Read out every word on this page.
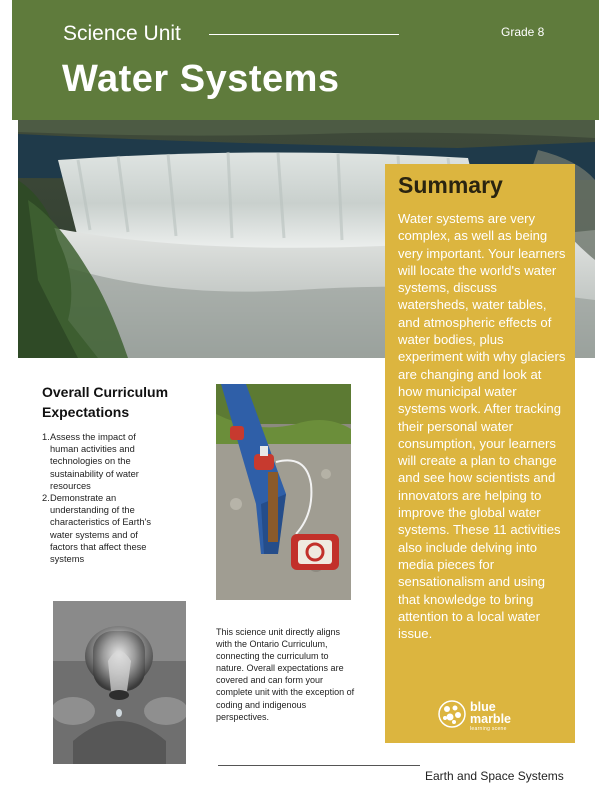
Science Unit	Grade 8
Water Systems
Summary

Water systems are very complex, as well as being very important. Your learners will locate the world's water systems, discuss watersheds, water tables, and atmospheric effects of water bodies, plus experiment with why glaciers are changing and look at how municipal water systems work. After tracking their personal water consumption, your learners will create a plan to change and see how scientists and innovators are helping to improve the global water systems. These 11 activities also include delving into media pieces for sensationalism and using that knowledge to bring attention to a local water issue.

blue marble
learning scene
Overall Curriculum Expectations
1. Assess the impact of human activities and technologies on the sustainability of water resources
2. Demonstrate an understanding of the characteristics of Earth's water systems and of factors that affect these systems

This science unit directly aligns with the Ontario Curriculum, connecting the curriculum to nature. Overall expectations are covered and can form your complete unit with the exception of coding and indigenous perspectives.

Earth and Space Systems
